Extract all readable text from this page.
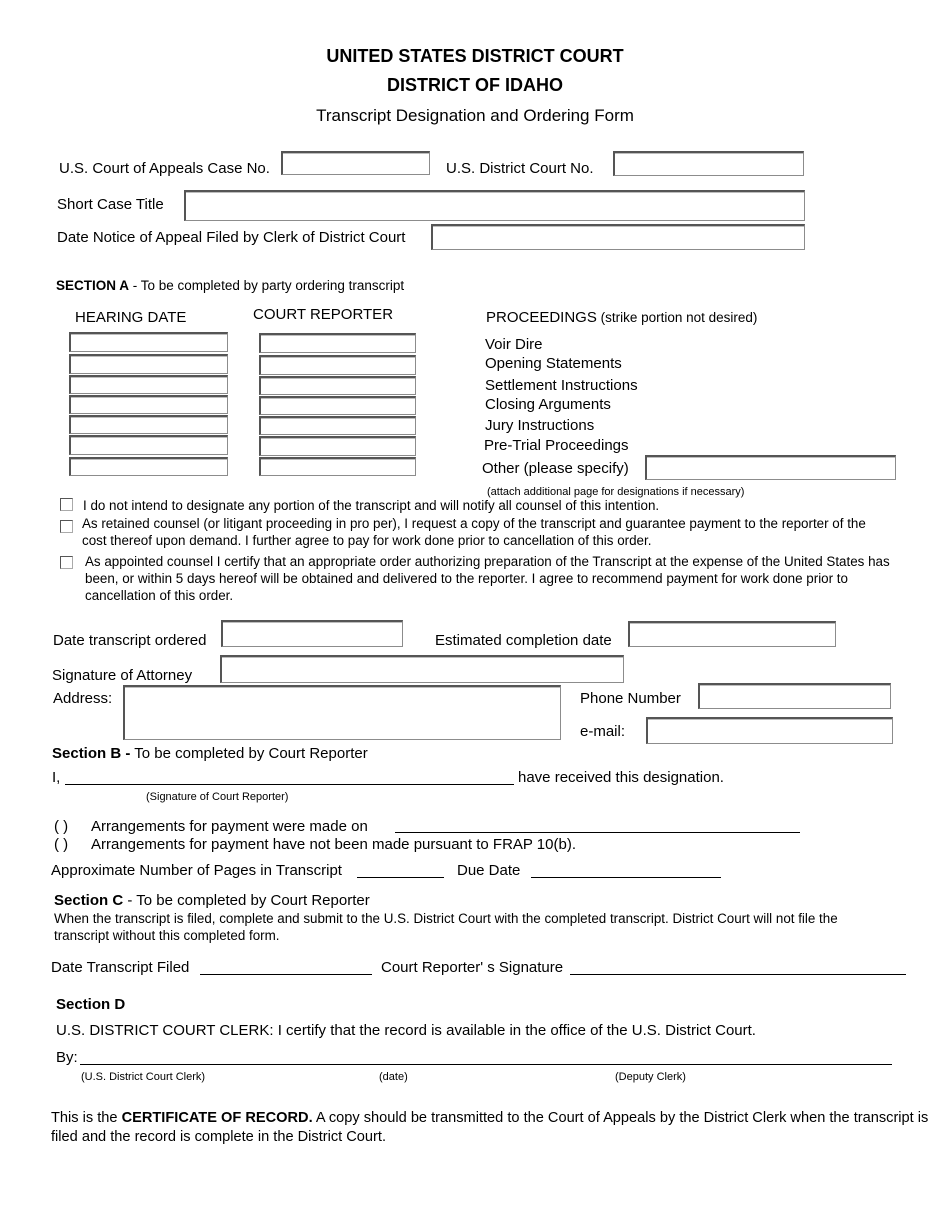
UNITED STATES DISTRICT COURT
DISTRICT OF IDAHO
Transcript Designation and Ordering Form
U.S. Court of Appeals Case No.	U.S. District Court No.
Short Case Title
Date Notice of Appeal Filed by Clerk of District Court
SECTION A - To be completed by party ordering transcript
HEARING DATE	COURT REPORTER	PROCEEDINGS (strike portion not desired)
Voir Dire
Opening Statements
Settlement Instructions
Closing Arguments
Jury Instructions
Pre-Trial Proceedings
Other (please specify)
(attach additional page for designations if necessary)
I do not intend to designate any portion of the transcript and will notify all counsel of this intention.
As retained counsel (or litigant proceeding in pro per), I request a copy of the transcript and guarantee payment to the reporter of the cost thereof upon demand. I further agree to pay for work done prior to cancellation of this order.
As appointed counsel I certify that an appropriate order authorizing preparation of the Transcript at the expense of the United States has been, or within 5 days hereof will be obtained and delivered to the reporter. I agree to recommend payment for work done prior to cancellation of this order.
Date transcript ordered	Estimated completion date
Signature of Attorney
Address:	Phone Number
e-mail:
Section B - To be completed by Court Reporter
I,	have received this designation.
(Signature of Court Reporter)
( ) Arrangements for payment were made on
( ) Arrangements for payment have not been made pursuant to FRAP 10(b).
Approximate Number of Pages in Transcript	Due Date
Section C - To be completed by Court Reporter
When the transcript is filed, complete and submit to the U.S. District Court with the completed transcript. District Court will not file the transcript without this completed form.
Date Transcript Filed	Court Reporter' s Signature
Section D
U.S. DISTRICT COURT CLERK: I certify that the record is available in the office of the U.S. District Court.
By:
(U.S. District Court Clerk)	(date)	(Deputy Clerk)
This is the CERTIFICATE OF RECORD. A copy should be transmitted to the Court of Appeals by the District Clerk when the transcript is filed and the record is complete in the District Court.
